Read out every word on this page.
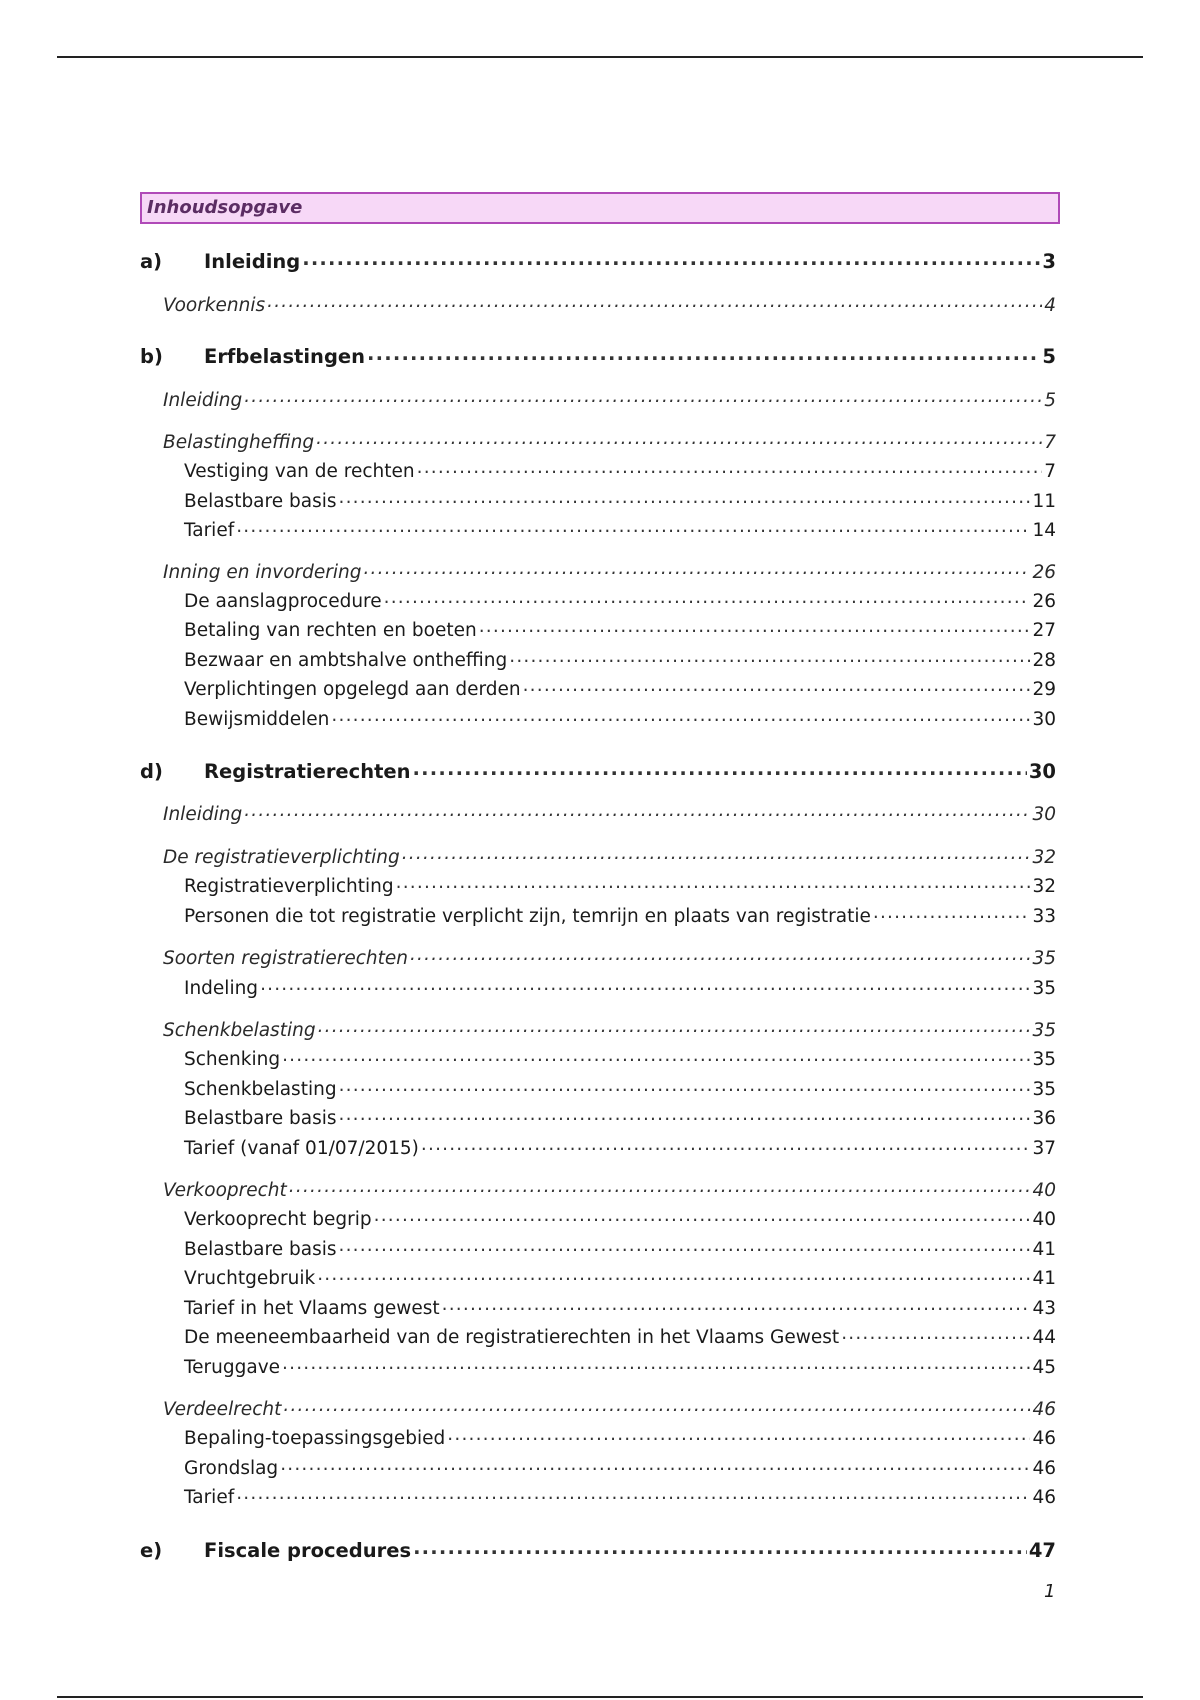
Inhoudsopgave
a)	Inleiding .....	3
Voorkennis .....	4
b)	Erfbelastingen .....	5
Inleiding .....	5
Belastingheffing .....	7
Vestiging van de rechten .....	7
Belastbare basis .....	11
Tarief .....	14
Inning en invordering .....	26
De aanslagprocedure .....	26
Betaling van rechten en boeten .....	27
Bezwaar en ambtshalve ontheffing .....	28
Verplichtingen opgelegd aan derden .....	29
Bewijsmiddelen .....	30
d)	Registratierechten .....	30
Inleiding .....	30
De registratieverplichting .....	32
Registratieverplichting .....	32
Personen die tot registratie verplicht zijn, temrijn en plaats van registratie .....	33
Soorten registratierechten .....	35
Indeling .....	35
Schenkbelasting .....	35
Schenking .....	35
Schenkbelasting .....	35
Belastbare basis .....	36
Tarief (vanaf 01/07/2015) .....	37
Verkooprecht .....	40
Verkooprecht begrip .....	40
Belastbare basis .....	41
Vruchtgebruik .....	41
Tarief in het Vlaams gewest .....	43
De meeneembaarheid van de registratierechten in het Vlaams Gewest .....	44
Teruggave .....	45
Verdeelrecht .....	46
Bepaling-toepassingsgebied .....	46
Grondslag .....	46
Tarief .....	46
e)	Fiscale procedures .....	47
1
